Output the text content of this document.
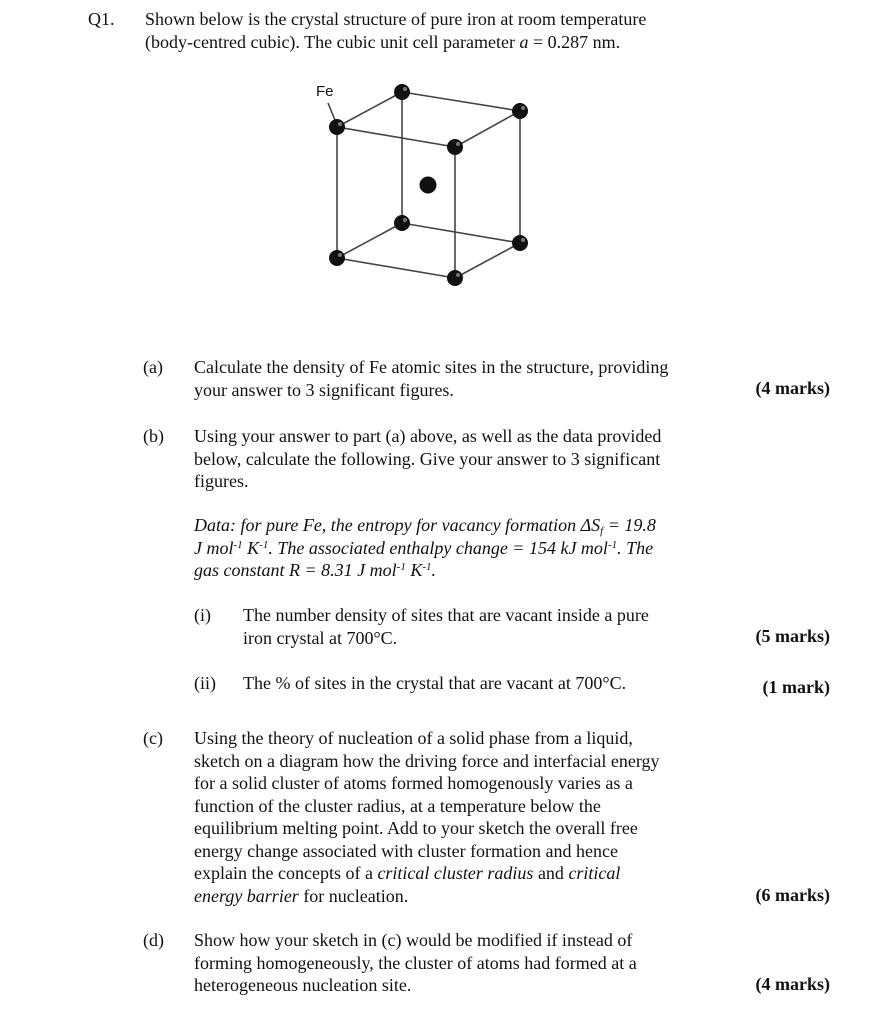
Q1. Shown below is the crystal structure of pure iron at room temperature
(body-centred cubic). The cubic unit cell parameter a = 0.287 nm.
Fe
(a) Calculate the density of Fe atomic sites in the structure, providing
your answer to 3 significant figures.	(4 marks)
(b) Using your answer to part (a) above, as well as the data provided
below, calculate the following. Give your answer to 3 significant
figures.
Data: for pure Fe, the entropy for vacancy formation $\Delta S_f = 19.8$
J mol$^{-1}$ $K^{-1}$. The associated enthalpy change = 154 kJ mol$^{-1}$. The
gas constant R = 8.31 J mol$^{-1}$ $K^{-1}$.
(i) The number density of sites that are vacant inside a pure
iron crystal at 700°C.	(5 marks)
(ii) The % of sites in the crystal that are vacant at 700°C.	(1 mark)
(c) Using the theory of nucleation of a solid phase from a liquid,
sketch on a diagram how the driving force and interfacial energy
for a solid cluster of atoms formed homogenously varies as a
function of the cluster radius, at a temperature below the
equilibrium melting point. Add to your sketch the overall free
energy change associated with cluster formation and hence
explain the concepts of a critical cluster radius and critical
energy barrier for nucleation.	(6 marks)
(d) Show how your sketch in (c) would be modified if instead of
forming homogeneously, the cluster of atoms had formed at a
heterogeneous nucleation site.	(4 marks)
